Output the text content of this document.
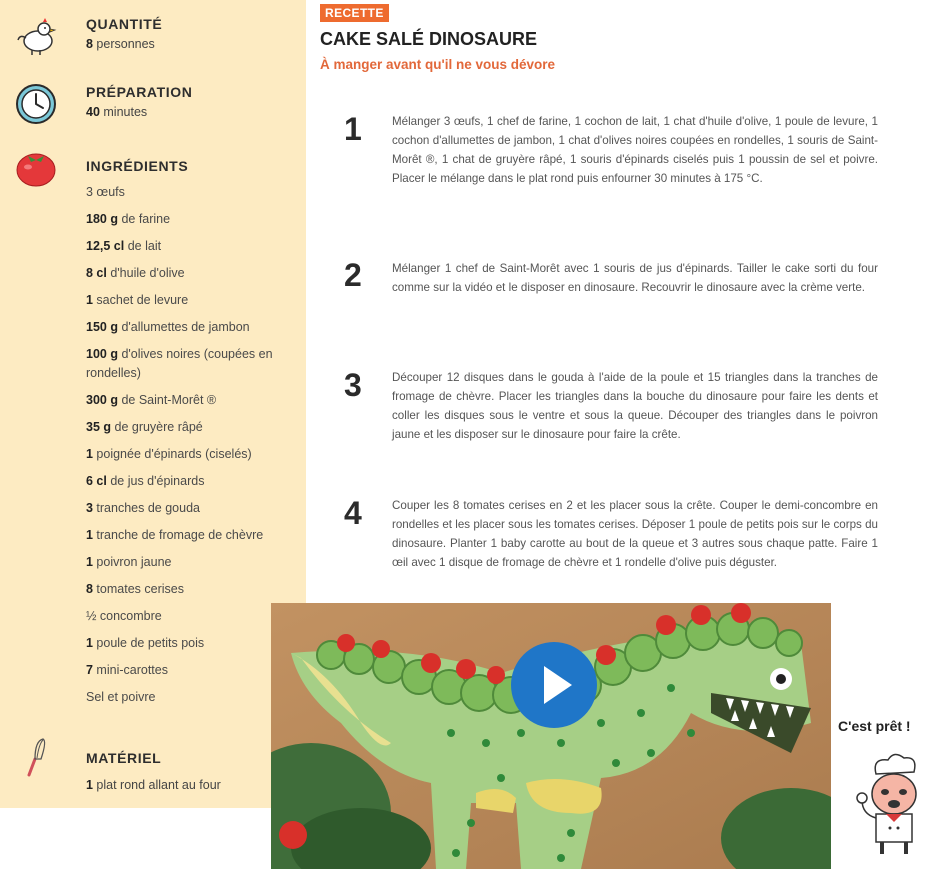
QUANTITÉ
8 personnes
PRÉPARATION
40 minutes
INGRÉDIENTS
3 œufs
180 g de farine
12,5 cl de lait
8 cl d'huile d'olive
1 sachet de levure
150 g d'allumettes de jambon
100 g d'olives noires (coupées en rondelles)
300 g de Saint-Morêt ®
35 g de gruyère râpé
1 poignée d'épinards (ciselés)
6 cl de jus d'épinards
3 tranches de gouda
1 tranche de fromage de chèvre
1 poivron jaune
8 tomates cerises
½ concombre
1 poule de petits pois
7 mini-carottes
Sel et poivre
MATÉRIEL
1 plat rond allant au four
RECETTE
CAKE SALÉ DINOSAURE
À manger avant qu'il ne vous dévore
1	Mélanger 3 œufs, 1 chef de farine, 1 cochon de lait, 1 chat d'huile d'olive, 1 poule de levure, 1 cochon d'allumettes de jambon, 1 chat d'olives noires coupées en rondelles, 1 souris de Saint-Morêt ®, 1 chat de gruyère râpé, 1 souris d'épinards ciselés puis 1 poussin de sel et poivre. Placer le mélange dans le plat rond puis enfourner 30 minutes à 175 °C.
2	Mélanger 1 chef de Saint-Morêt avec 1 souris de jus d'épinards. Tailler le cake sorti du four comme sur la vidéo et le disposer en dinosaure. Recouvrir le dinosaure avec la crème verte.
3	Découper 12 disques dans le gouda à l'aide de la poule et 15 triangles dans la tranches de fromage de chèvre. Placer les triangles dans la bouche du dinosaure pour faire les dents et coller les disques sous le ventre et sous la queue. Découper des triangles dans le poivron jaune et les disposer sur le dinosaure pour faire la crête.
4	Couper les 8 tomates cerises en 2 et les placer sous la crête. Couper le demi-concombre en rondelles et les placer sous les tomates cerises. Déposer 1 poule de petits pois sur le corps du dinosaure. Planter 1 baby carotte au bout de la queue et 3 autres sous chaque patte. Faire 1 œil avec 1 disque de fromage de chèvre et 1 rondelle d'olive puis déguster.
C'est prêt !
